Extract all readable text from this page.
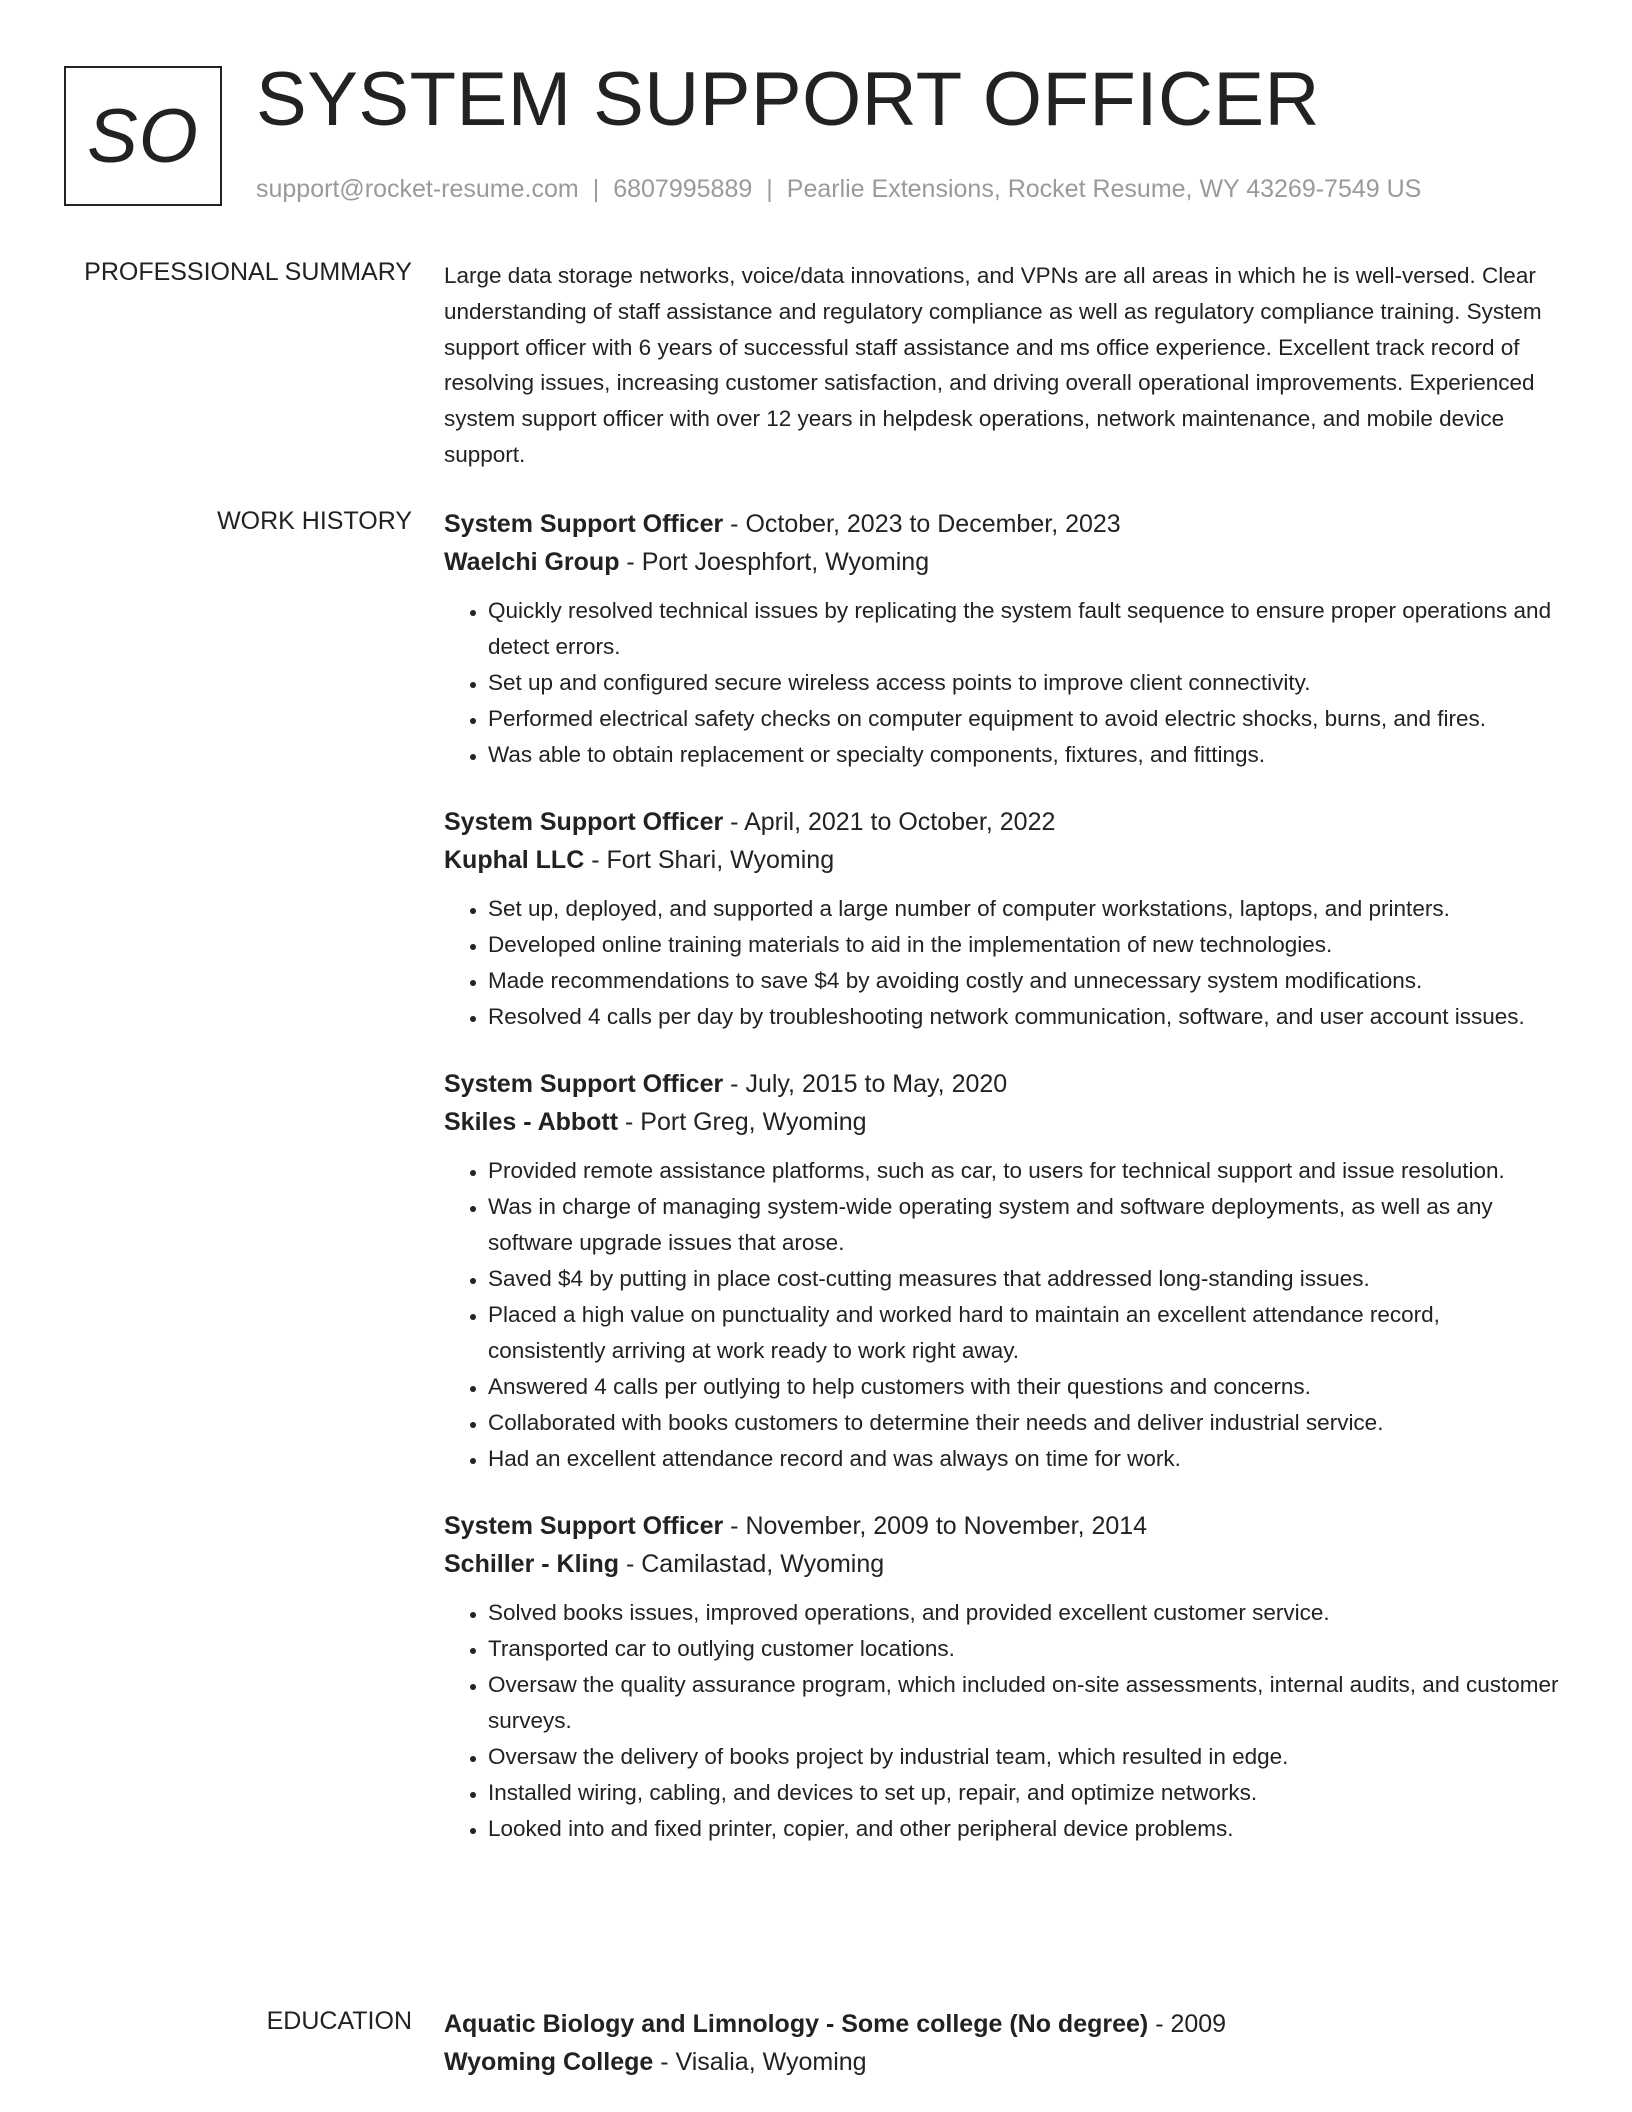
SO SYSTEM SUPPORT OFFICER
support@rocket-resume.com | 6807995889 | Pearlie Extensions, Rocket Resume, WY 43269-7549 US
PROFESSIONAL SUMMARY Large data storage networks, voice/data innovations, and VPNs are all areas in which he is well-versed. Clear understanding of staff assistance and regulatory compliance as well as regulatory compliance training. System support officer with 6 years of successful staff assistance and ms office experience. Excellent track record of resolving issues, increasing customer satisfaction, and driving overall operational improvements. Experienced system support officer with over 12 years in helpdesk operations, network maintenance, and mobile device support.

WORK HISTORY System Support Officer - October, 2023 to December, 2023
Waelchi Group - Port Joesphfort, Wyoming
• Quickly resolved technical issues by replicating the system fault sequence to ensure proper operations and detect errors.
• Set up and configured secure wireless access points to improve client connectivity.
• Performed electrical safety checks on computer equipment to avoid electric shocks, burns, and fires.
• Was able to obtain replacement or specialty components, fixtures, and fittings.
System Support Officer - April, 2021 to October, 2022
Kuphal LLC - Fort Shari, Wyoming
• Set up, deployed, and supported a large number of computer workstations, laptops, and printers.
• Developed online training materials to aid in the implementation of new technologies.
• Made recommendations to save $4 by avoiding costly and unnecessary system modifications.
• Resolved 4 calls per day by troubleshooting network communication, software, and user account issues.
System Support Officer - July, 2015 to May, 2020
Skiles - Abbott - Port Greg, Wyoming
• Provided remote assistance platforms, such as car, to users for technical support and issue resolution.
• Was in charge of managing system-wide operating system and software deployments, as well as any software upgrade issues that arose.
• Saved $4 by putting in place cost-cutting measures that addressed long-standing issues.
• Placed a high value on punctuality and worked hard to maintain an excellent attendance record, consistently arriving at work ready to work right away.
• Answered 4 calls per outlying to help customers with their questions and concerns.
• Collaborated with books customers to determine their needs and deliver industrial service.
• Had an excellent attendance record and was always on time for work.
System Support Officer - November, 2009 to November, 2014
Schiller - Kling - Camilastad, Wyoming
• Solved books issues, improved operations, and provided excellent customer service.
• Transported car to outlying customer locations.
• Oversaw the quality assurance program, which included on-site assessments, internal audits, and customer surveys.
• Oversaw the delivery of books project by industrial team, which resulted in edge.
• Installed wiring, cabling, and devices to set up, repair, and optimize networks.
• Looked into and fixed printer, copier, and other peripheral device problems.
EDUCATION Aquatic Biology and Limnology - Some college (No degree) - 2009
Wyoming College - Visalia, Wyoming
